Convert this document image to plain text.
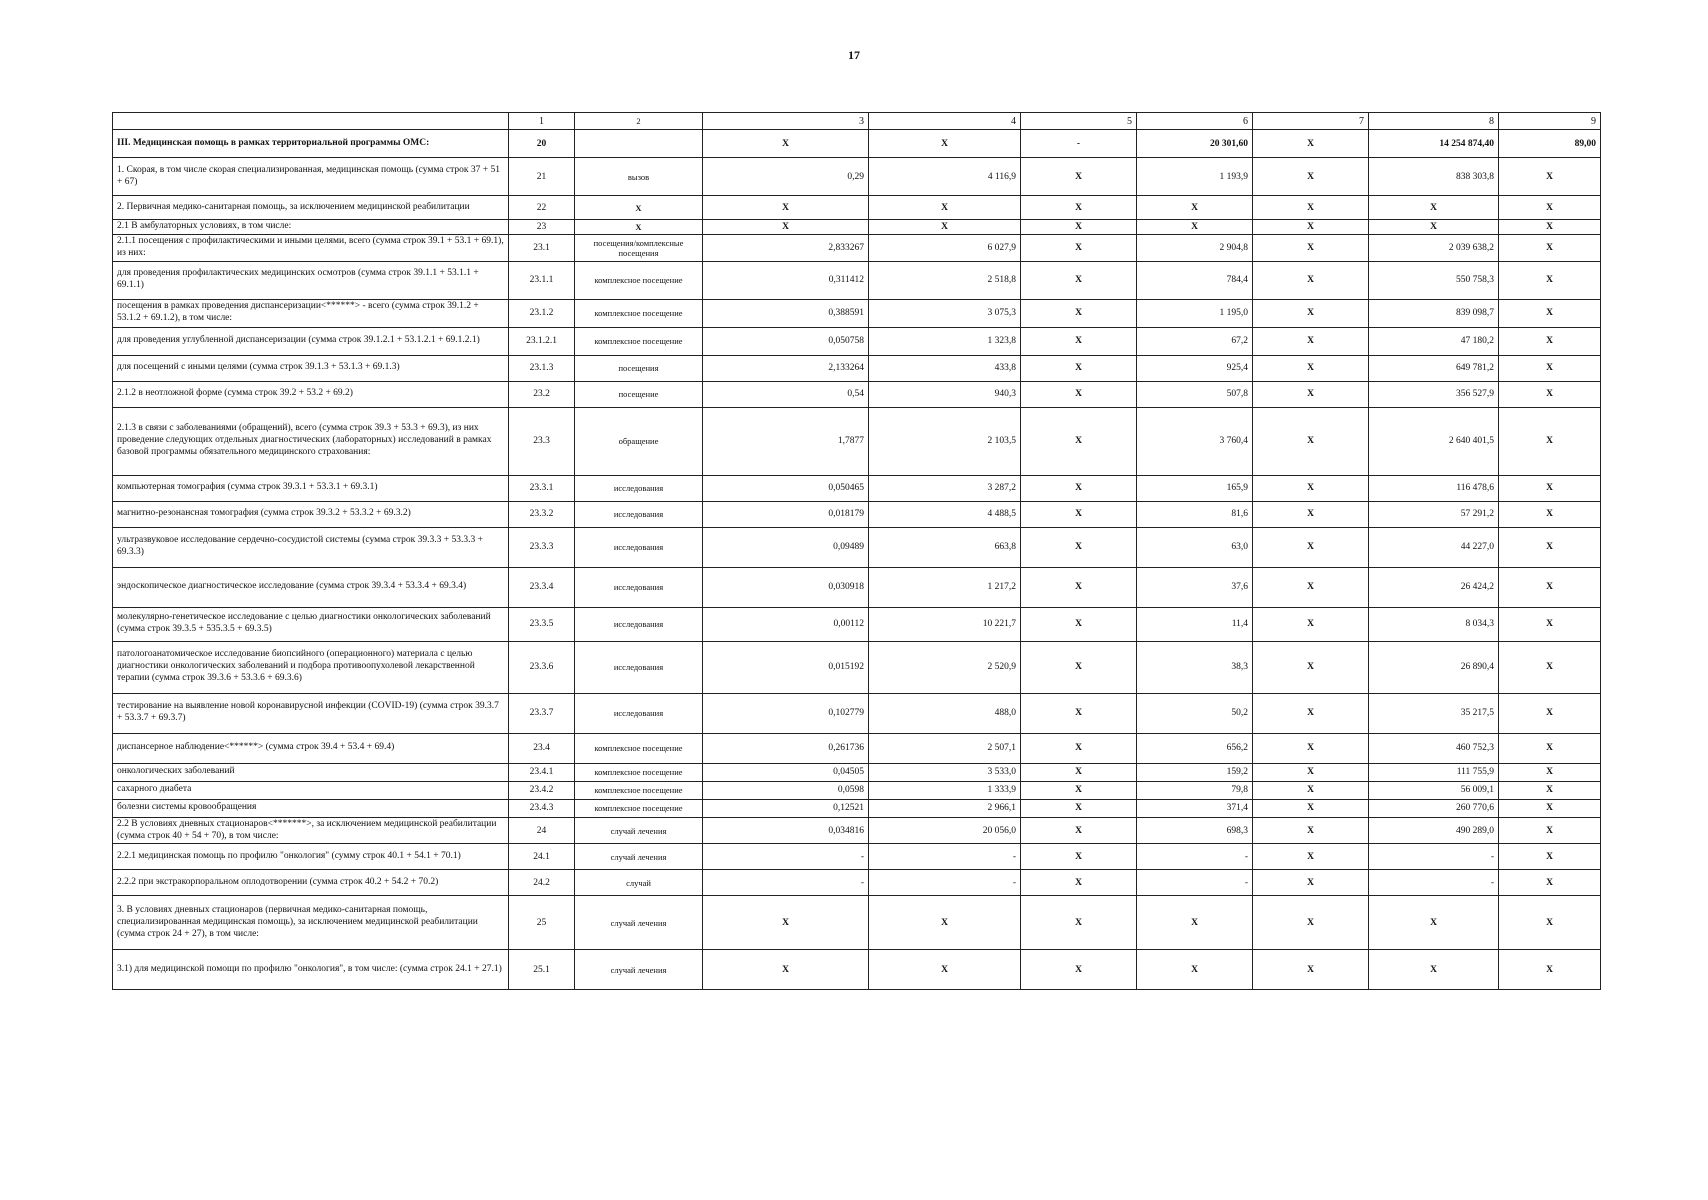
17
	1	2	3	4	5	6	7	8	9
III. Медицинская помощь в рамках территориальной программы ОМС:	20		Х	Х	-	20 301,60	Х	14 254 874,40	89,00
1. Скорая, в том числе скорая специализированная, медицинская помощь (сумма строк 37 + 51 + 67)	21	вызов	0,29	4 116,9	Х	1 193,9	Х	838 303,8	Х
2. Первичная медико-санитарная помощь, за исключением медицинской реабилитации	22	Х	Х	Х	Х	Х	Х	Х	Х
2.1 В амбулаторных условиях, в том числе:	23	Х	Х	Х	Х	Х	Х	Х	Х
2.1.1 посещения с профилактическими и иными целями, всего (сумма строк 39.1 + 53.1 + 69.1), из них:	23.1	посещения/комплексные посещения	2,833267	6 027,9	Х	2 904,8	Х	2 039 638,2	Х
для проведения профилактических медицинских осмотров (сумма строк 39.1.1 + 53.1.1 + 69.1.1)	23.1.1	комплексное посещение	0,311412	2 518,8	Х	784,4	Х	550 758,3	Х
посещения в рамках проведения диспансеризации<******> - всего (сумма строк 39.1.2 + 53.1.2 + 69.1.2), в том числе:	23.1.2	комплексное посещение	0,388591	3 075,3	Х	1 195,0	Х	839 098,7	Х
для проведения углубленной диспансеризации (сумма строк 39.1.2.1 + 53.1.2.1 + 69.1.2.1)	23.1.2.1	комплексное посещение	0,050758	1 323,8	Х	67,2	Х	47 180,2	Х
для посещений с иными целями (сумма строк 39.1.3 + 53.1.3 + 69.1.3)	23.1.3	посещения	2,133264	433,8	Х	925,4	Х	649 781,2	Х
2.1.2 в неотложной форме (сумма строк 39.2 + 53.2 + 69.2)	23.2	посещение	0,54	940,3	Х	507,8	Х	356 527,9	Х
2.1.3 в связи с заболеваниями (обращений), всего (сумма строк 39.3 + 53.3 + 69.3), из них проведение следующих отдельных диагностических (лабораторных) исследований в рамках базовой программы обязательного медицинского страхования:	23.3	обращение	1,7877	2 103,5	Х	3 760,4	Х	2 640 401,5	Х
компьютерная томография (сумма строк 39.3.1 + 53.3.1 + 69.3.1)	23.3.1	исследования	0,050465	3 287,2	Х	165,9	Х	116 478,6	Х
магнитно-резонансная томография (сумма строк 39.3.2 + 53.3.2 + 69.3.2)	23.3.2	исследования	0,018179	4 488,5	Х	81,6	Х	57 291,2	Х
ультразвуковое исследование сердечно-сосудистой системы (сумма строк 39.3.3 + 53.3.3 + 69.3.3)	23.3.3	исследования	0,09489	663,8	Х	63,0	Х	44 227,0	Х
эндоскопическое диагностическое исследование (сумма строк 39.3.4 + 53.3.4 + 69.3.4)	23.3.4	исследования	0,030918	1 217,2	Х	37,6	Х	26 424,2	Х
молекулярно-генетическое исследование с целью диагностики онкологических заболеваний (сумма строк 39.3.5 + 535.3.5 + 69.3.5)	23.3.5	исследования	0,00112	10 221,7	Х	11,4	Х	8 034,3	Х
патологоанатомическое исследование биопсийного (операционного) материала с целью диагностики онкологических заболеваний и подбора противоопухолевой лекарственной терапии (сумма строк 39.3.6 + 53.3.6 + 69.3.6)	23.3.6	исследования	0,015192	2 520,9	Х	38,3	Х	26 890,4	Х
тестирование на выявление новой коронавирусной инфекции (COVID-19) (сумма строк 39.3.7 + 53.3.7 + 69.3.7)	23.3.7	исследования	0,102779	488,0	Х	50,2	Х	35 217,5	Х
диспансерное наблюдение<******> (сумма строк 39.4 + 53.4 + 69.4)	23.4	комплексное посещение	0,261736	2 507,1	Х	656,2	Х	460 752,3	Х
онкологических заболеваний	23.4.1	комплексное посещение	0,04505	3 533,0	Х	159,2	Х	111 755,9	Х
сахарного диабета	23.4.2	комплексное посещение	0,0598	1 333,9	Х	79,8	Х	56 009,1	Х
болезни системы кровообращения	23.4.3	комплексное посещение	0,12521	2 966,1	Х	371,4	Х	260 770,6	Х
2.2 В условиях дневных стационаров<*******>, за исключением медицинской реабилитации (сумма строк 40 + 54 + 70), в том числе:	24	случай лечения	0,034816	20 056,0	Х	698,3	Х	490 289,0	Х
2.2.1 медицинская помощь по профилю "онкология" (сумму строк 40.1 + 54.1 + 70.1)	24.1	случай лечения	-	-	Х	-	Х	-	Х
2.2.2 при экстракорпоральном оплодотворении (сумма строк 40.2 + 54.2 + 70.2)	24.2	случай	-	-	Х	-	Х	-	Х
3. В условиях дневных стационаров (первичная медико-санитарная помощь, специализированная медицинская помощь), за исключением медицинской реабилитации (сумма строк 24 + 27), в том числе:	25	случай лечения	Х	Х	Х	Х	Х	Х	Х
3.1) для медицинской помощи по профилю "онкология", в том числе: (сумма строк 24.1 + 27.1)	25.1	случай лечения	Х	Х	Х	Х	Х	Х	Х
